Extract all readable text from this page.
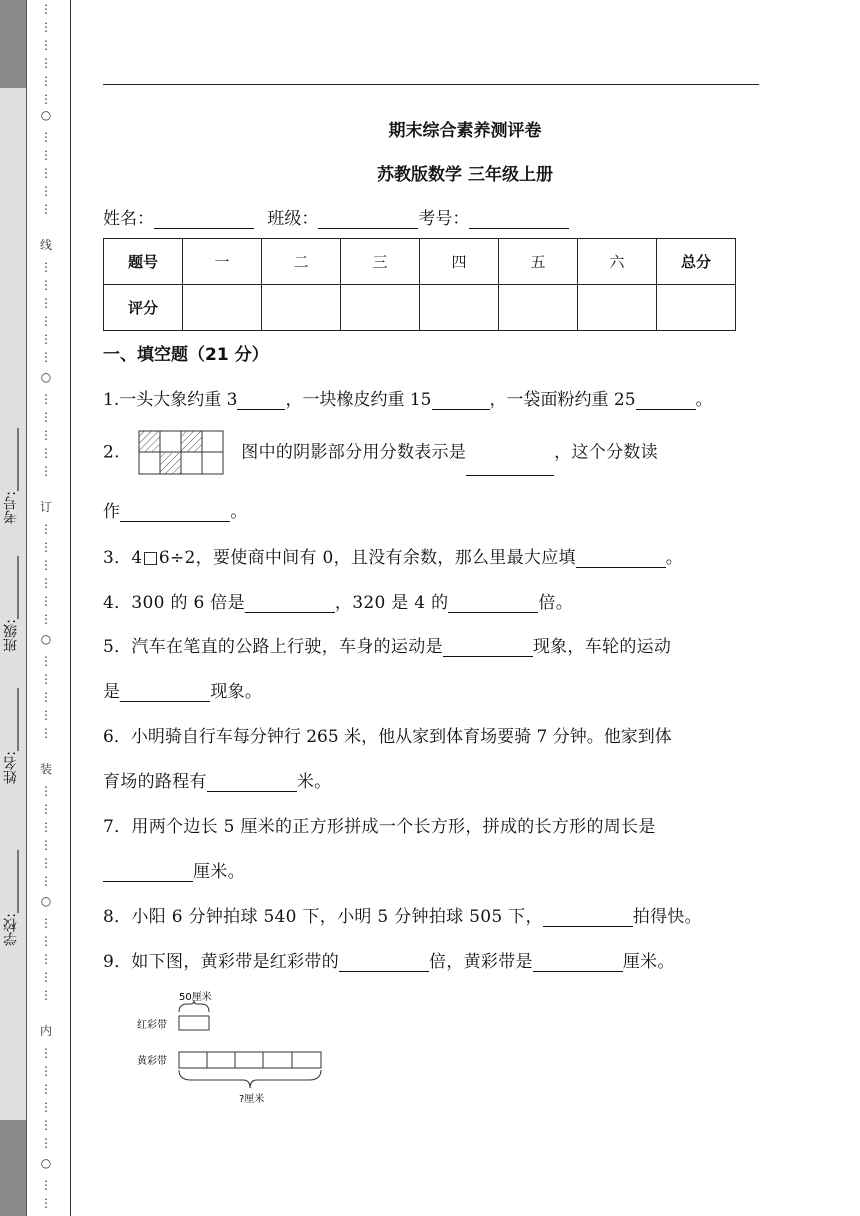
学校:_________
姓名:_________
班级:_________
考号:_________
⋮
⋮
⋮
⋮
⋮
⋮
○
⋮
⋮
⋮
⋮
⋮
线
⋮
⋮
⋮
⋮
⋮
⋮
○
⋮
⋮
⋮
⋮
⋮
订
⋮
⋮
⋮
⋮
⋮
⋮
○
⋮
⋮
⋮
⋮
⋮
装
⋮
⋮
⋮
⋮
⋮
⋮
○
⋮
⋮
⋮
⋮
⋮
内
⋮
⋮
⋮
⋮
⋮
⋮
○
⋮
⋮
期末综合素养测评卷
苏教版数学 三年级上册
姓名：	班级：	考号：
题号	一	二	三	四	五	六	总分
评分							
一、填空题（21 分）
1.一头大象约重 3	，一块橡皮约重 15	，一袋面粉约重 25	。
2.	图中的阴影部分用分数表示是	，这个分数读
作	。
3．4□6÷2，要使商中间有 0，且没有余数，那么里最大应填	。
4．300 的 6 倍是	，320 是 4 的	倍。
5．汽车在笔直的公路上行驶，车身的运动是	现象，车轮的运动
是	现象。
6．小明骑自行车每分钟行 265 米，他从家到体育场要骑 7 分钟。他家到体
育场的路程有	米。
7．用两个边长 5 厘米的正方形拼成一个长方形，拼成的长方形的周长是
厘米。
8．小阳 6 分钟拍球 540 下，小明 5 分钟拍球 505 下，	拍得快。
9．如下图，黄彩带是红彩带的	倍，黄彩带是	厘米。
50厘米
红彩带
黄彩带
?厘米
